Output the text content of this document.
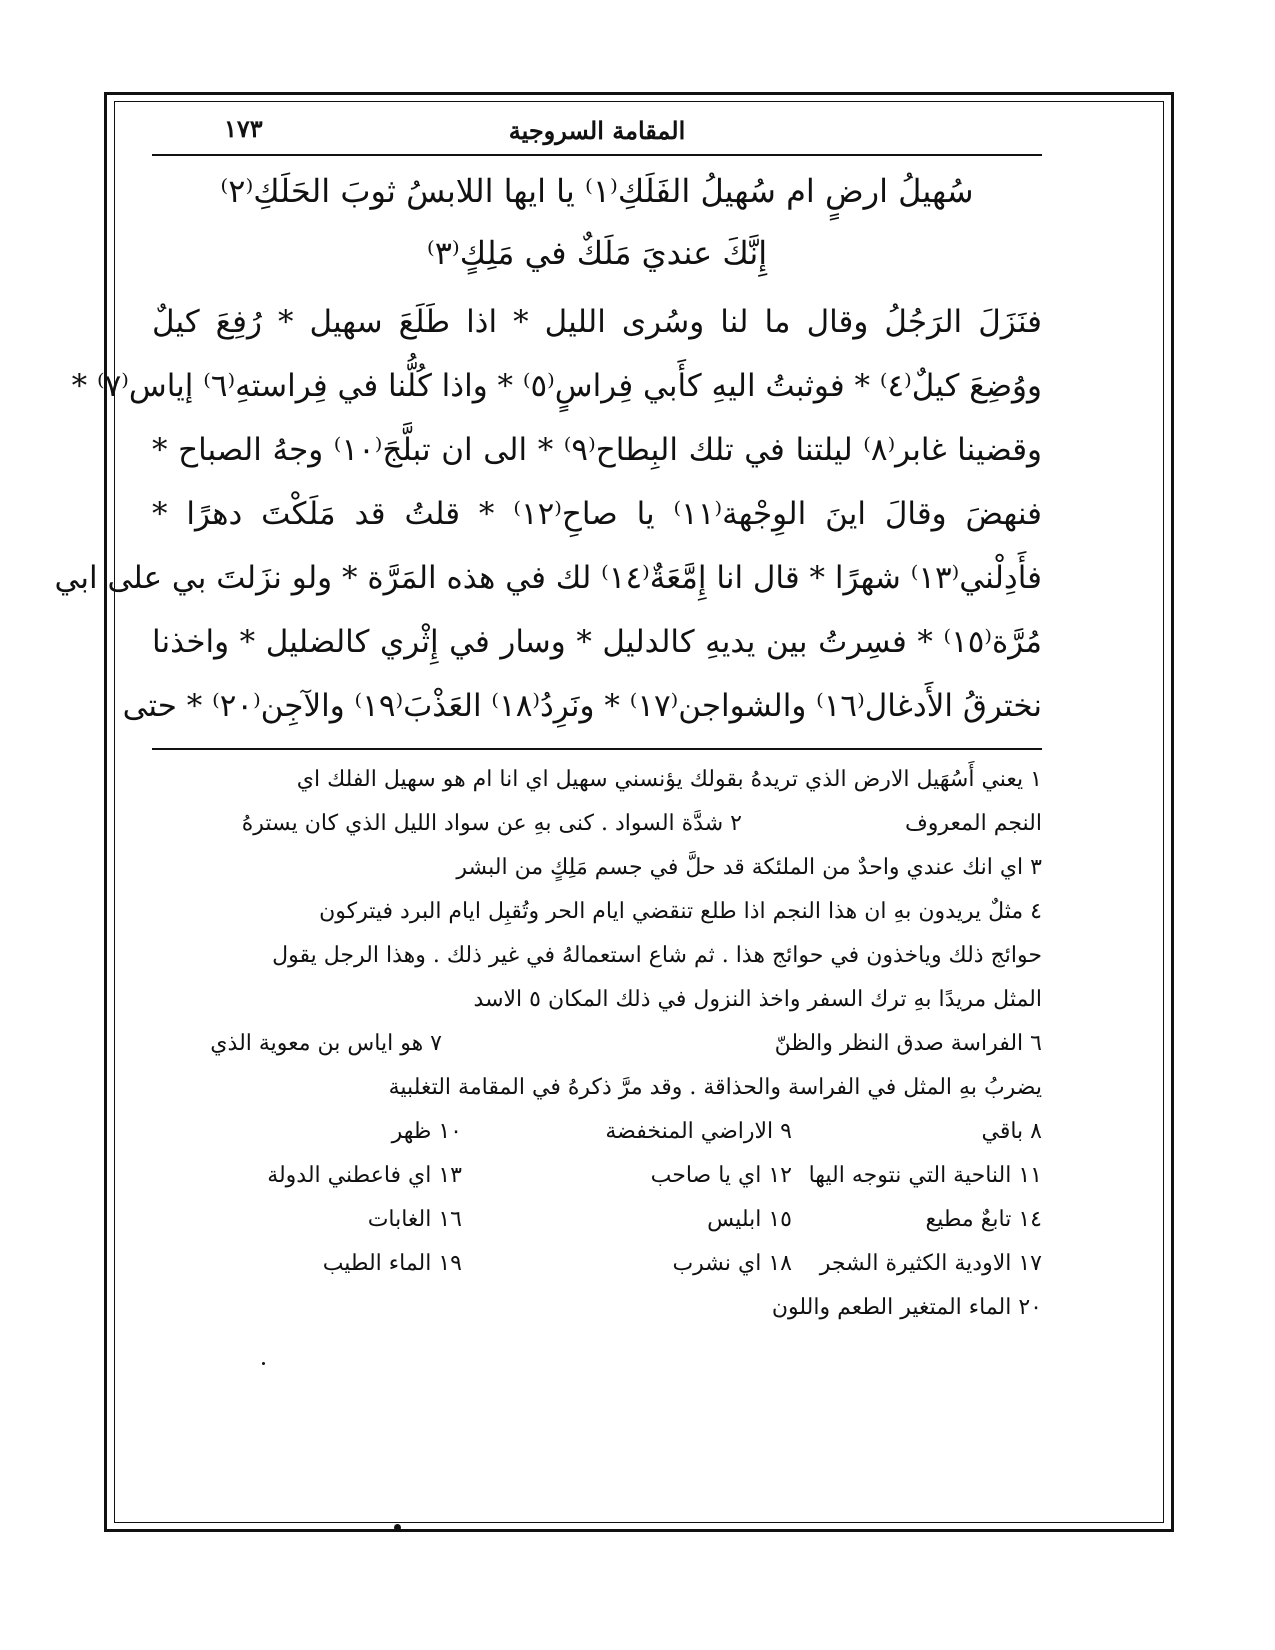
المقامة السروجية
١٧٣
سُهيلُ ارضٍ ام سُهيلُ الفَلَكِ⁽١⁾ يا ايها اللابسُ ثوبَ الحَلَكِ⁽٢⁾
إِنَّكَ عنديَ مَلَكٌ في مَلِكٍ⁽٣⁾
فنَزَلَ الرَجُلُ وقال ما لنا وسُرى الليل * اذا طَلَعَ سهيل * رُفِعَ كيلٌ
ووُضِعَ كيلٌ⁽٤⁾ * فوثبتُ اليهِ كأَبي فِراسٍ⁽٥⁾ * واذا كُلُّنا في فِراستهِ⁽٦⁾ إياس⁽٧⁾ *
وقضينا غابر⁽٨⁾ ليلتنا في تلك البِطاح⁽٩⁾ * الى ان تبلَّجَ⁽١٠⁾ وجهُ الصباح *
فنهضَ وقالَ اينَ الوِجْهة⁽١١⁾ يا صاحِ⁽١٢⁾ * قلتُ قد مَلَكْتَ دهرًا *
فأَدِلْني⁽١٣⁾ شهرًا * قال انا إِمَّعَةٌ⁽١٤⁾ لك في هذه المَرَّة * ولو نزَلتَ بي على ابي
مُرَّة⁽١٥⁾ * فسِرتُ بين يديهِ كالدليل * وسار في إِثْري كالضليل * واخذنا
نخترقُ الأَدغال⁽١٦⁾ والشواجن⁽١٧⁾ * ونَرِدُ⁽١٨⁾ العَذْبَ⁽١٩⁾ والآجِن⁽٢٠⁾ * حتى
١ يعني أَسُهَيل الارض الذي تريدهُ بقولك يؤنسني سهيل اي انا ام هو سهيل الفلك اي
النجم المعروف
٢ شدَّة السواد . كنى بهِ عن سواد الليل الذي كان يسترهُ
٣ اي انك عندي واحدٌ من الملئكة قد حلَّ في جسم مَلِكٍ من البشر
٤ مثلٌ يريدون بهِ ان هذا النجم اذا طلع تنقضي ايام الحر وتُقبِل ايام البرد فيتركون
حوائج ذلك وياخذون في حوائج هذا . ثم شاع استعمالهُ في غير ذلك . وهذا الرجل يقول
المثل مريدًا بهِ ترك السفر واخذ النزول في ذلك المكان ٥ الاسد
٦ الفراسة صدق النظر والظنّ
٧ هو اياس بن معوية الذي
يضربُ بهِ المثل في الفراسة والحذاقة . وقد مرَّ ذكرهُ في المقامة التغلبية
٨ باقي
٩ الاراضي المنخفضة
١٠ ظهر
١١ الناحية التي نتوجه اليها
١٢ اي يا صاحب
١٣ اي فاعطني الدولة
١٤ تابعٌ مطيع
١٥ ابليس
١٦ الغابات
١٧ الاودية الكثيرة الشجر
١٨ اي نشرب
١٩ الماء الطيب
٢٠ الماء المتغير الطعم واللون
